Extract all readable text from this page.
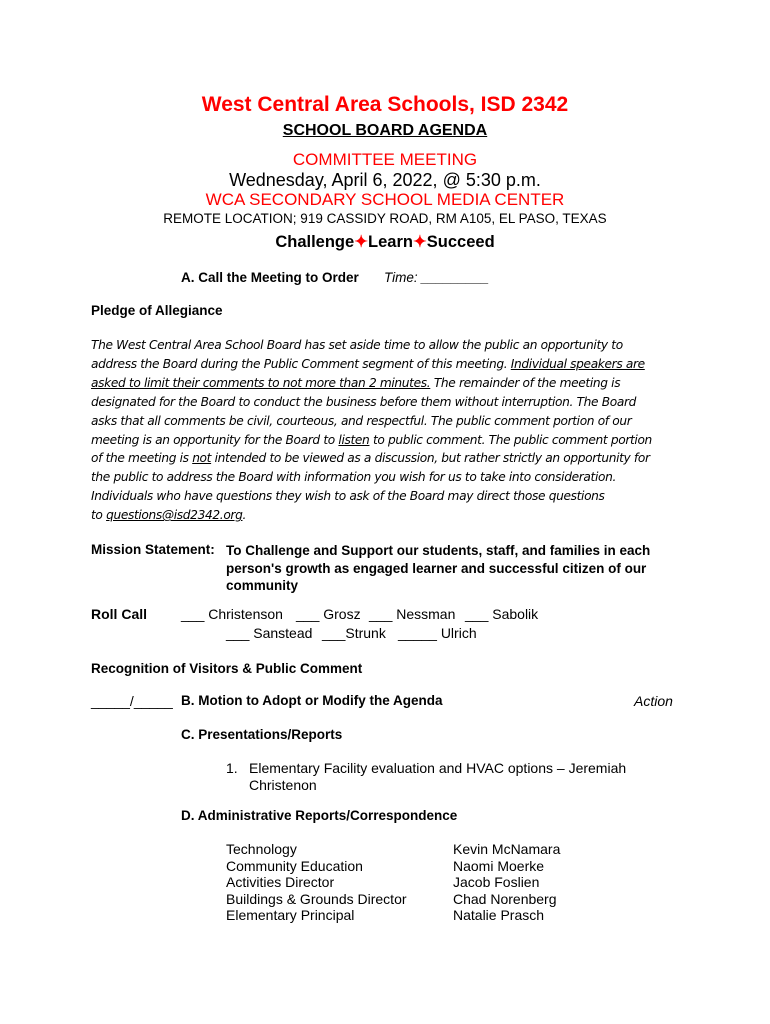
West Central Area Schools, ISD 2342
SCHOOL BOARD AGENDA
COMMITTEE MEETING
Wednesday, April 6, 2022, @ 5:30 p.m.
WCA SECONDARY SCHOOL MEDIA CENTER
REMOTE LOCATION; 919 CASSIDY ROAD, RM A105, EL PASO, TEXAS
Challenge✦Learn✦Succeed
A. Call the Meeting to Order Time: _________
Pledge of Allegiance
The West Central Area School Board has set aside time to allow the public an opportunity to
address the Board during the Public Comment segment of this meeting. Individual speakers are
asked to limit their comments to not more than 2 minutes. The remainder of the meeting is
designated for the Board to conduct the business before them without interruption. The Board
asks that all comments be civil, courteous, and respectful. The public comment portion of our
meeting is an opportunity for the Board to listen to public comment. The public comment portion
of the meeting is not intended to be viewed as a discussion, but rather strictly an opportunity for
the public to address the Board with information you wish for us to take into consideration.
Individuals who have questions they wish to ask of the Board may direct those questions
to questions@isd2342.org.
Mission Statement: To Challenge and Support our students, staff, and families in each
person's growth as engaged learner and successful citizen of our
community
Roll Call ___ Christenson ___ Grosz ___ Nessman ___ Sabolik
___ Sanstead ___Strunk _____ Ulrich
Recognition of Visitors & Public Comment
_____/_____ B. Motion to Adopt or Modify the Agenda	Action
C. Presentations/Reports
1. Elementary Facility evaluation and HVAC options – Jeremiah
Christenon
D. Administrative Reports/Correspondence
Technology
Community Education
Activities Director
Buildings & Grounds Director
Elementary Principal
Kevin McNamara
Naomi Moerke
Jacob Foslien
Chad Norenberg
Natalie Prasch
